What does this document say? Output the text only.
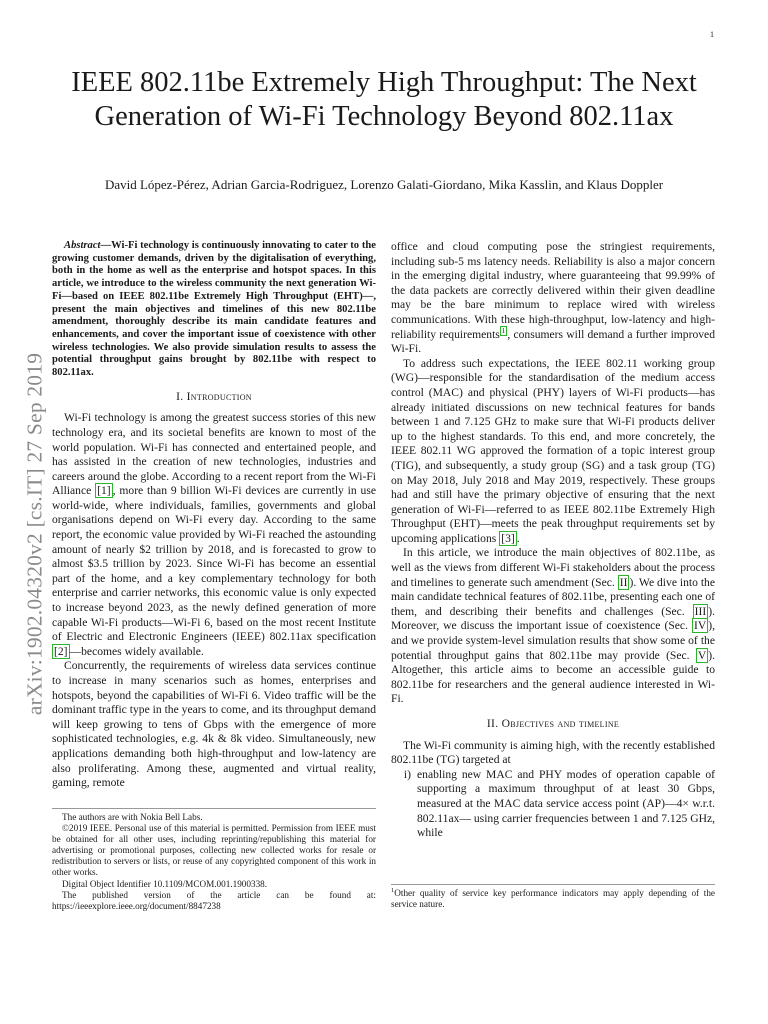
1
arXiv:1902.04320v2 [cs.IT] 27 Sep 2019
IEEE 802.11be Extremely High Throughput: The Next Generation of Wi-Fi Technology Beyond 802.11ax

David López-Pérez, Adrian Garcia-Rodriguez, Lorenzo Galati-Giordano, Mika Kasslin, and Klaus Doppler

Abstract—Wi-Fi technology is continuously innovating to cater to the growing customer demands, driven by the digitalisation of everything, both in the home as well as the enterprise and hotspot spaces. In this article, we introduce to the wireless community the next generation Wi-Fi—based on IEEE 802.11be Extremely High Throughput (EHT)—, present the main objectives and timelines of this new 802.11be amendment, thoroughly describe its main candidate features and enhancements, and cover the important issue of coexistence with other wireless technologies. We also provide simulation results to assess the potential throughput gains brought by 802.11be with respect to 802.11ax.

I. Introduction

Wi-Fi technology is among the greatest success stories of this new technology era, and its societal benefits are known to most of the world population. Wi-Fi has connected and entertained people, and has assisted in the creation of new technologies, industries and careers around the globe. According to a recent report from the Wi-Fi Alliance [1] , more than 9 billion Wi-Fi devices are currently in use world-wide, where individuals, families, governments and global organisations depend on Wi-Fi every day. According to the same report, the economic value provided by Wi-Fi reached the astounding amount of nearly $2 trillion by 2018, and is forecasted to grow to almost $3.5 trillion by 2023. Since Wi-Fi has become an essential part of the home, and a key complementary technology for both enterprise and carrier networks, this economic value is only expected to increase beyond 2023, as the newly defined generation of more capable Wi-Fi products—Wi-Fi 6, based on the most recent Institute of Electric and Electronic Engineers (IEEE) 802.11ax specification [2] —becomes widely available.

Concurrently, the requirements of wireless data services continue to increase in many scenarios such as homes, enterprises and hotspots, beyond the capabilities of Wi-Fi 6. Video traffic will be the dominant traffic type in the years to come, and its throughput demand will keep growing to tens of Gbps with the emergence of more sophisticated technologies, e.g. 4k & 8k video. Simultaneously, new applications demanding both high-throughput and low-latency are also proliferating. Among these, augmented and virtual reality, gaming, remote

office and cloud computing pose the stringiest requirements, including sub-5 ms latency needs. Reliability is also a major concern in the emerging digital industry, where guaranteeing that 99.99% of the data packets are correctly delivered within their given deadline may be the bare minimum to replace wired with wireless communications. With these high-throughput, low-latency and high-reliability requirements $^1$ , consumers will demand a further improved Wi-Fi.

To address such expectations, the IEEE 802.11 working group (WG)—responsible for the standardisation of the medium access control (MAC) and physical (PHY) layers of Wi-Fi products—has already initiated discussions on new technical features for bands between 1 and 7.125 GHz to make sure that Wi-Fi products deliver up to the highest standards. To this end, and more concretely, the IEEE 802.11 WG approved the formation of a topic interest group (TIG), and subsequently, a study group (SG) and a task group (TG) on May 2018, July 2018 and May 2019, respectively. These groups had and still have the primary objective of ensuring that the next generation of Wi-Fi—referred to as IEEE 802.11be Extremely High Throughput (EHT)—meets the peak throughput requirements set by upcoming applications [3] .

In this article, we introduce the main objectives of 802.11be, as well as the views from different Wi-Fi stakeholders about the process and timelines to generate such amendment (Sec. II ). We dive into the main candidate technical features of 802.11be, presenting each one of them, and describing their benefits and challenges (Sec. III ). Moreover, we discuss the important issue of coexistence (Sec. IV ), and we provide system-level simulation results that show some of the potential throughput gains that 802.11be may provide (Sec. V ). Altogether, this article aims to become an accessible guide to 802.11be for researchers and the general audience interested in Wi-Fi.

II. Objectives and timeline

The Wi-Fi community is aiming high, with the recently established 802.11be (TG) targeted at

i) enabling new MAC and PHY modes of operation capable of supporting a maximum throughput of at least 30 Gbps, measured at the MAC data service access point (AP)—4× w.r.t. 802.11ax— using carrier frequencies between 1 and 7.125 GHz, while

The authors are with Nokia Bell Labs.

©2019 IEEE. Personal use of this material is permitted. Permission from IEEE must be obtained for all other uses, including reprinting/republishing this material for advertising or promotional purposes, collecting new collected works for resale or redistribution to servers or lists, or reuse of any copyrighted component of this work in other works.

Digital Object Identifier 10.1109/MCOM.001.1900338.

The published version of the article can be found at: https://ieeexplore.ieee.org/document/8847238

$^1$Other quality of service key performance indicators may apply depending of the service nature.
